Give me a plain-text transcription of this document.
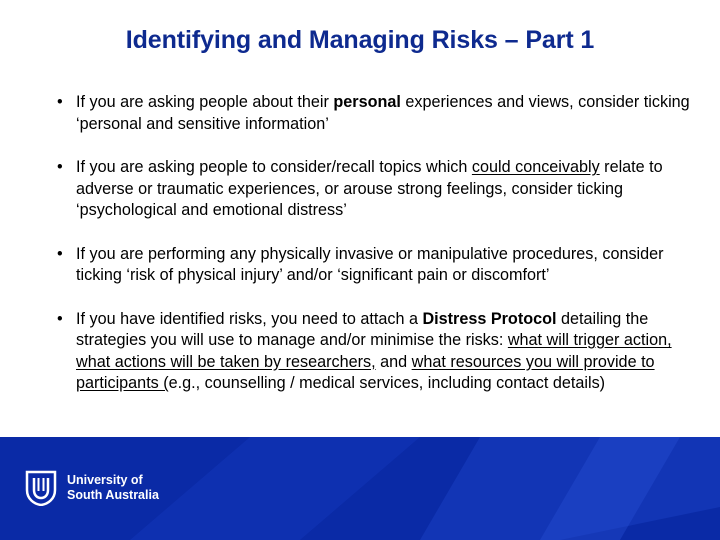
Identifying and Managing Risks – Part 1
• If you are asking people about their personal experiences and views, consider ticking ‘personal and sensitive information’
• If you are asking people to consider/recall topics which could conceivably relate to adverse or traumatic experiences, or arouse strong feelings, consider ticking ‘psychological and emotional distress’
• If you are performing any physically invasive or manipulative procedures, consider ticking ‘risk of physical injury’ and/or ‘significant pain or discomfort’
• If you have identified risks, you need to attach a Distress Protocol detailing the strategies you will use to manage and/or minimise the risks: what will trigger action, what actions will be taken by researchers, and what resources you will provide to participants (e.g., counselling / medical services, including contact details)
University of
South Australia
